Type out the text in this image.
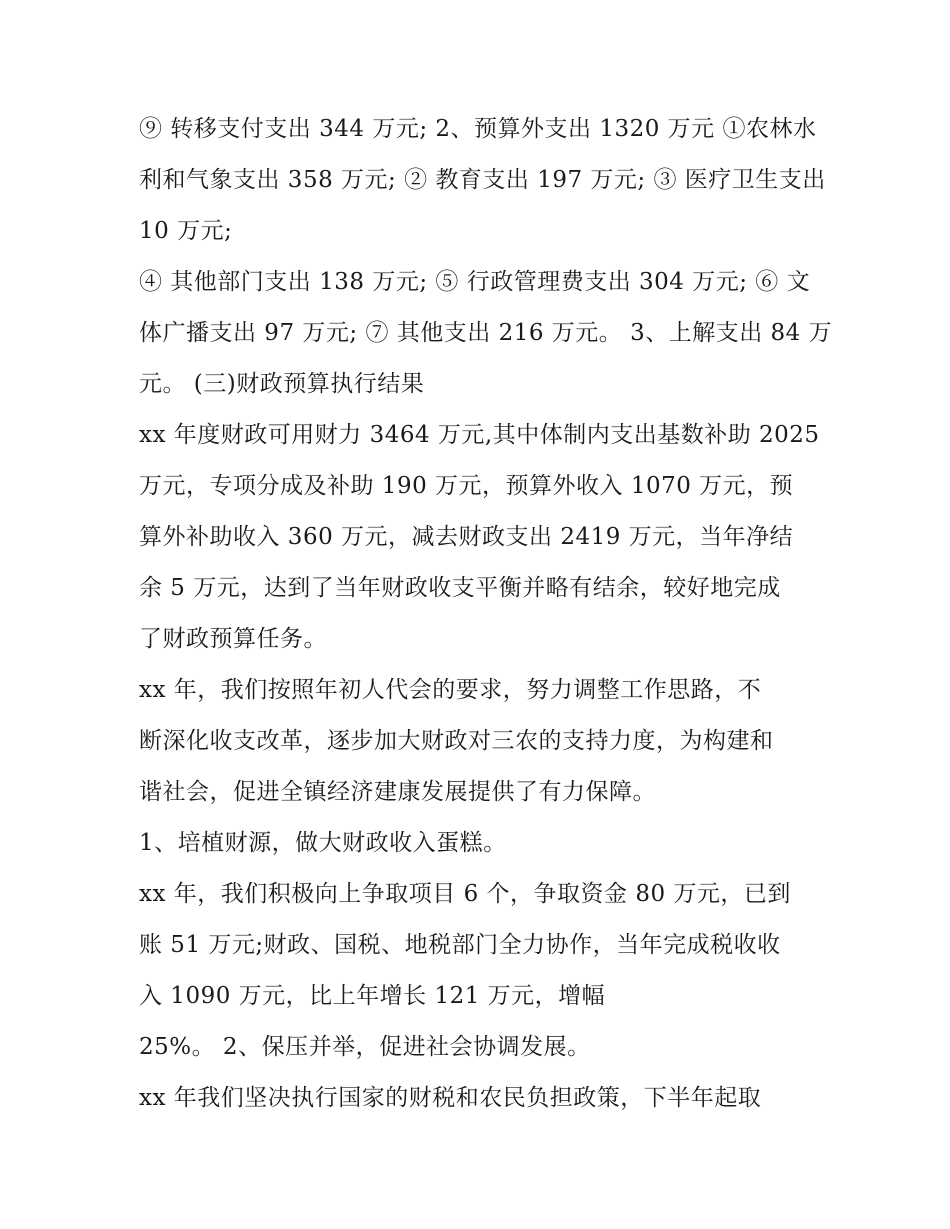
⑨ 转移支付支出 344 万元; 2、预算外支出 1320 万元 ①农林水
利和气象支出 358 万元; ② 教育支出 197 万元; ③ 医疗卫生支出
10 万元;
④ 其他部门支出 138 万元; ⑤ 行政管理费支出 304 万元; ⑥ 文
体广播支出 97 万元; ⑦ 其他支出 216 万元。 3、上解支出 84 万
元。 (三)财政预算执行结果
xx 年度财政可用财力 3464 万元,其中体制内支出基数补助 2025
万元，专项分成及补助 190 万元，预算外收入 1070 万元，预
算外补助收入 360 万元，减去财政支出 2419 万元，当年净结
余 5 万元，达到了当年财政收支平衡并略有结余，较好地完成
了财政预算任务。
xx 年，我们按照年初人代会的要求，努力调整工作思路，不
断深化收支改革，逐步加大财政对三农的支持力度，为构建和
谐社会，促进全镇经济建康发展提供了有力保障。
1、培植财源，做大财政收入蛋糕。
xx 年，我们积极向上争取项目 6 个，争取资金 80 万元，已到
账 51 万元;财政、国税、地税部门全力协作，当年完成税收收
入 1090 万元，比上年增长 121 万元，增幅
25%。 2、保压并举，促进社会协调发展。
xx 年我们坚决执行国家的财税和农民负担政策，下半年起取
